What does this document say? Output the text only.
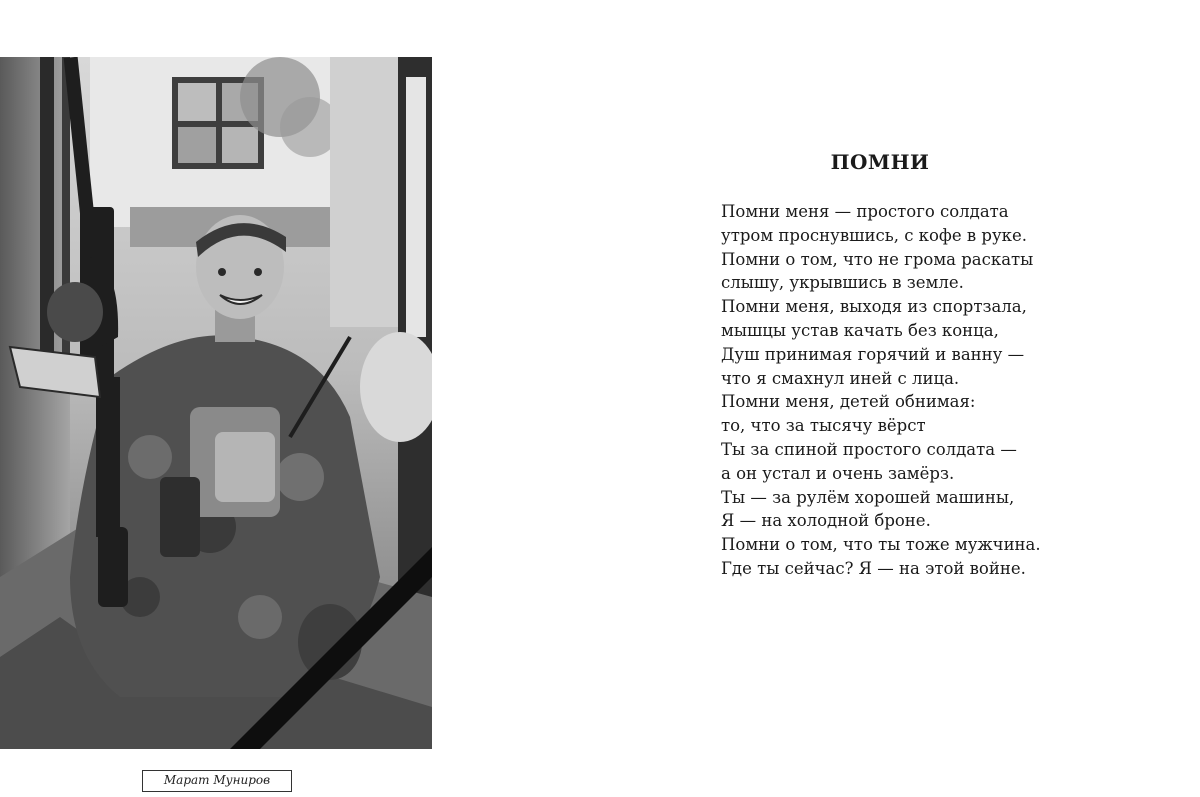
Марат Муниров
ПОМНИ
Помни меня — простого солдата
утром проснувшись, с кофе в руке.
Помни о том, что не грома раскаты
слышу, укрывшись в земле.
Помни меня, выходя из спортзала,
мышцы устав качать без конца,
Душ принимая горячий и ванну —
что я смахнул иней с лица.
Помни меня, детей обнимая:
то, что за тысячу вёрст
Ты за спиной простого солдата —
а он устал и очень замёрз.
Ты — за рулём хорошей машины,
Я — на холодной броне.
Помни о том, что ты тоже мужчина.
Где ты сейчас? Я — на этой войне.
